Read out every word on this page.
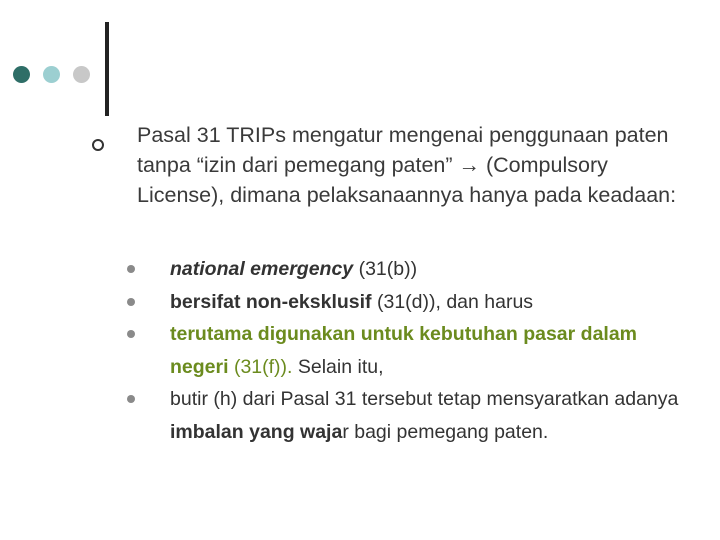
Pasal 31 TRIPs mengatur mengenai penggunaan paten tanpa “izin dari pemegang paten” → (Compulsory License), dimana pelaksanaannya hanya pada keadaan:
national emergency (31(b))
bersifat non-eksklusif (31(d)), dan harus
terutama digunakan untuk kebutuhan pasar dalam negeri (31(f)). Selain itu,
butir (h) dari Pasal 31 tersebut tetap mensyaratkan adanya imbalan yang wajar bagi pemegang paten.
